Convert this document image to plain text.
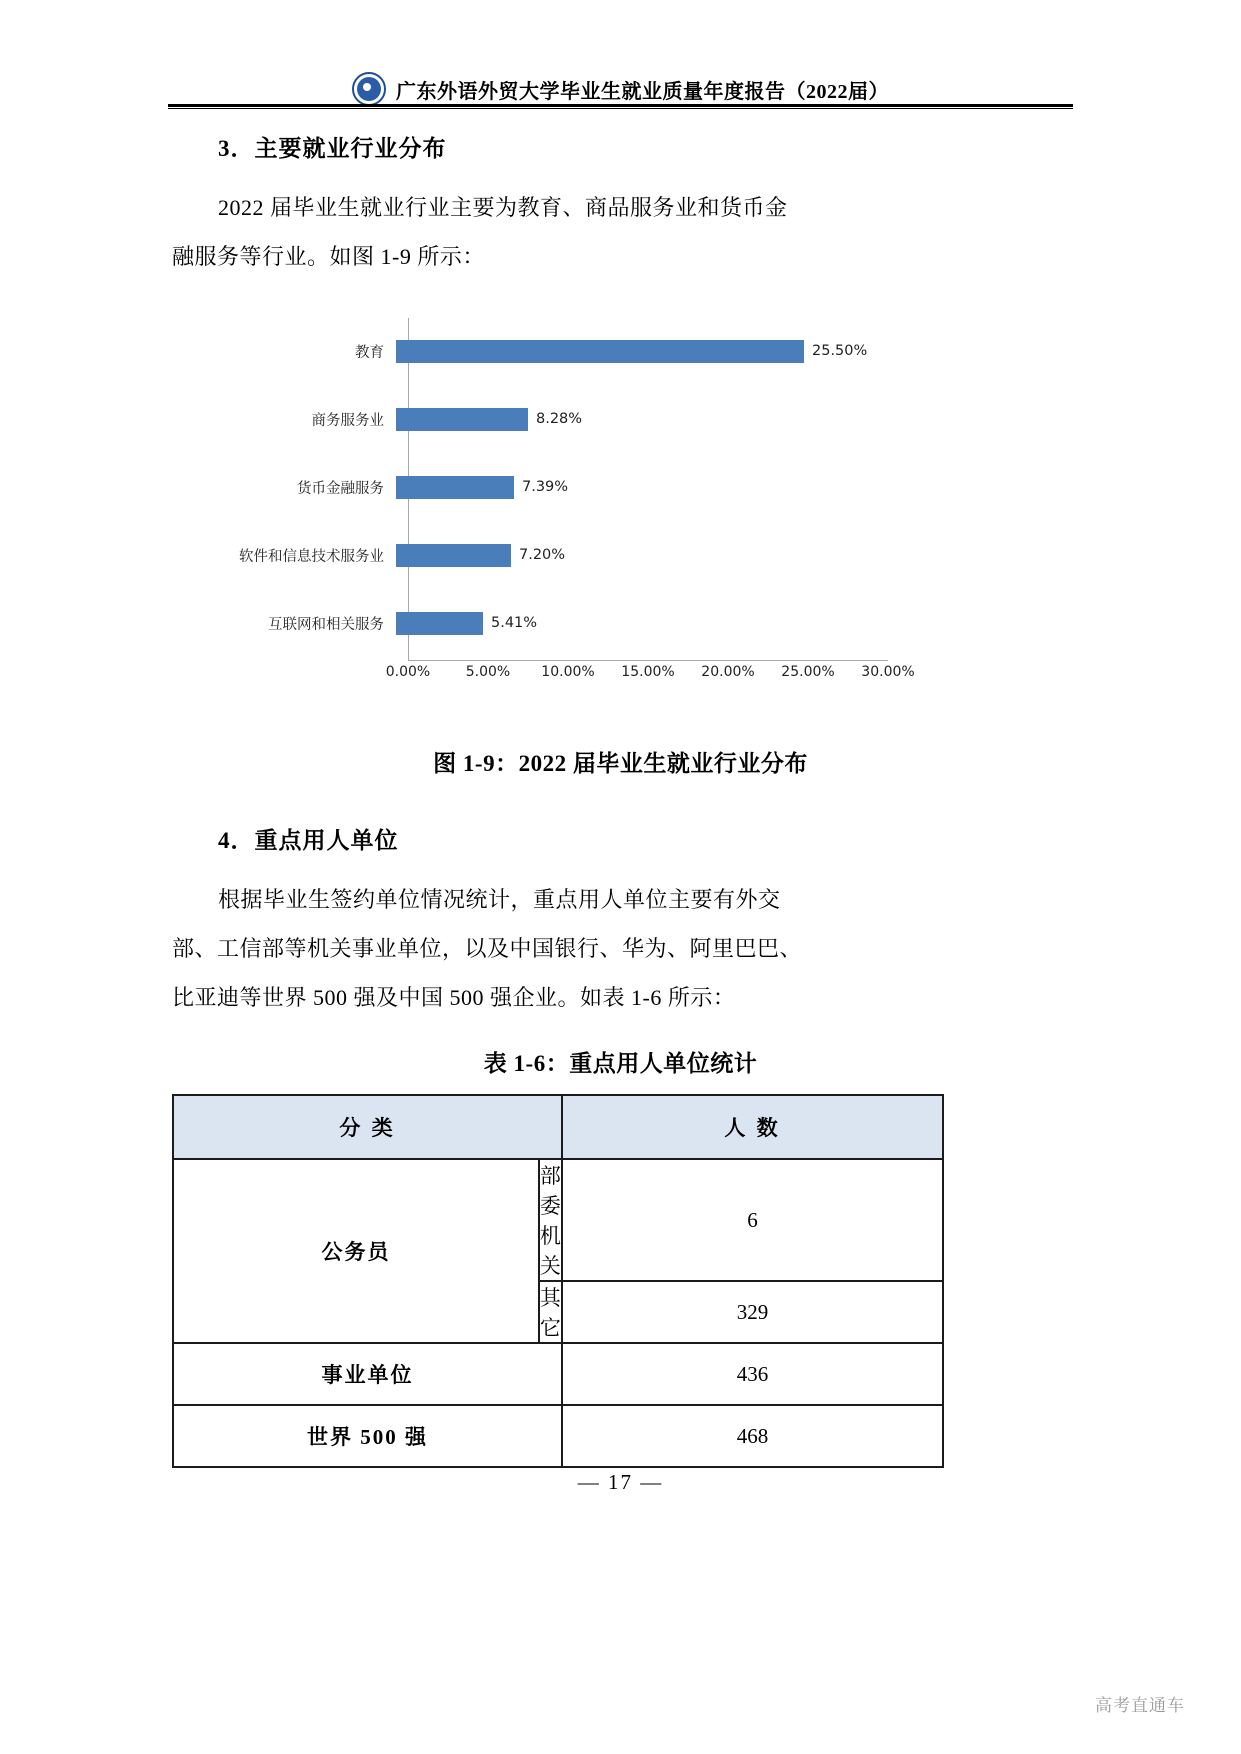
广东外语外贸大学毕业生就业质量年度报告（2022届）
3．主要就业行业分布
2022 届毕业生就业行业主要为教育、商品服务业和货币金
融服务等行业。如图 1-9 所示：
教育	25.50%
商务服务业	8.28%
货币金融服务	7.39%
软件和信息技术服务业	7.20%
互联网和相关服务	5.41%
0.00%	5.00% 10.00% 15.00% 20.00% 25.00% 30.00%
图 1-9：2022 届毕业生就业行业分布
4．重点用人单位
根据毕业生签约单位情况统计，重点用人单位主要有外交
部、工信部等机关事业单位，以及中国银行、华为、阿里巴巴、
比亚迪等世界 500 强及中国 500 强企业。如表 1-6 所示：
表 1-6：重点用人单位统计
分 类		人 数
公务员	部委机关	6
	其它	329
事业单位		436
世界 500 强		468
— 17 —
高考直通车
